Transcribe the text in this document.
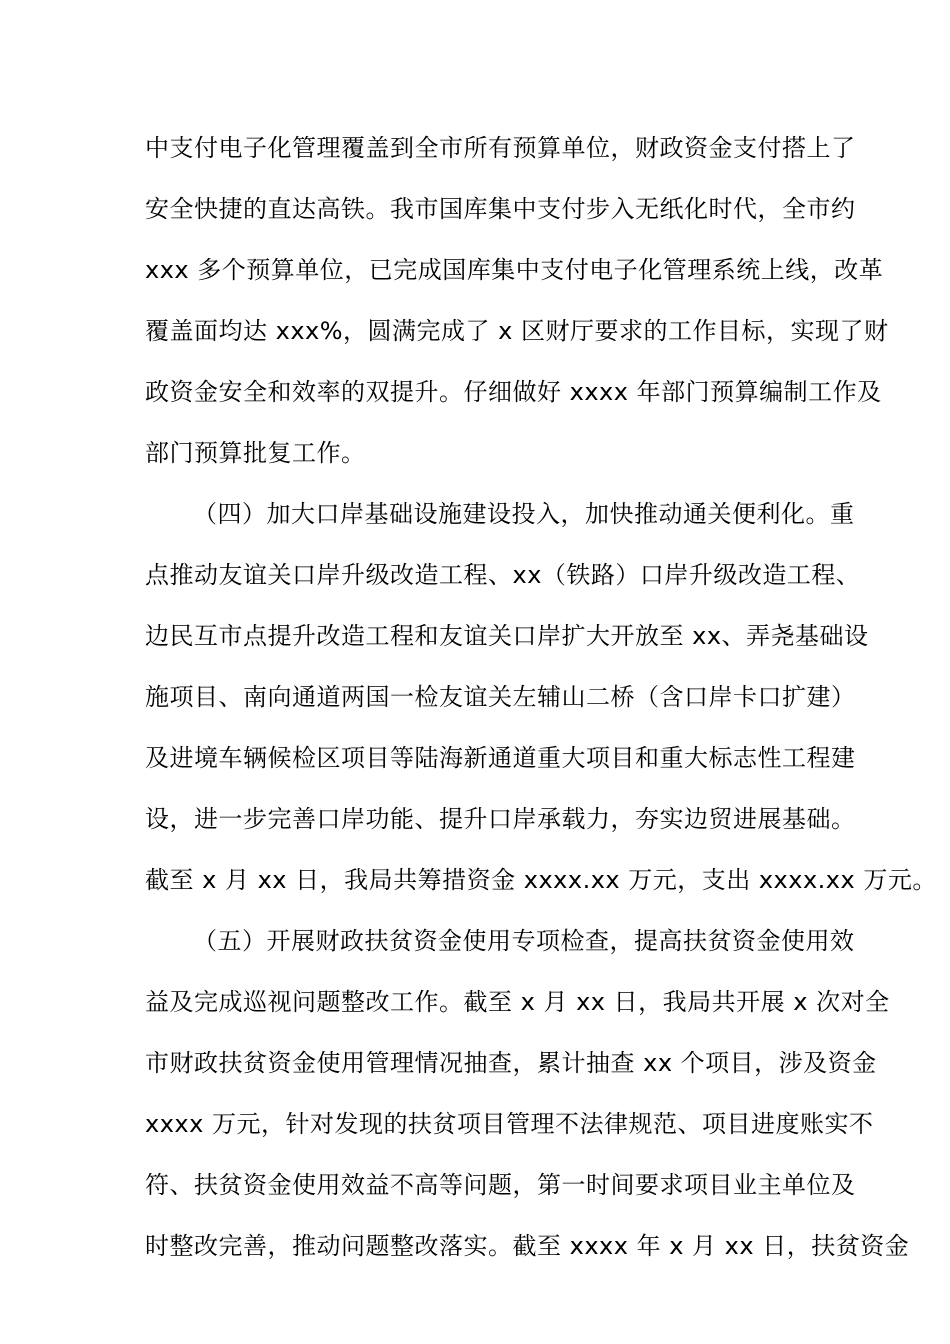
中支付电子化管理覆盖到全市所有预算单位，财政资金支付搭上了
安全快捷的直达高铁。我市国库集中支付步入无纸化时代，全市约
xxx 多个预算单位，已完成国库集中支付电子化管理系统上线，改革
覆盖面均达 xxx%，圆满完成了 x 区财厅要求的工作目标，实现了财
政资金安全和效率的双提升。仔细做好 xxxx 年部门预算编制工作及
部门预算批复工作。
（四）加大口岸基础设施建设投入，加快推动通关便利化。重
点推动友谊关口岸升级改造工程、xx（铁路）口岸升级改造工程、
边民互市点提升改造工程和友谊关口岸扩大开放至 xx、弄尧基础设
施项目、南向通道两国一检友谊关左辅山二桥（含口岸卡口扩建）
及进境车辆候检区项目等陆海新通道重大项目和重大标志性工程建
设，进一步完善口岸功能、提升口岸承载力，夯实边贸进展基础。
截至 x 月 xx 日，我局共筹措资金 xxxx.xx 万元，支出 xxxx.xx 万元。
（五）开展财政扶贫资金使用专项检查，提高扶贫资金使用效
益及完成巡视问题整改工作。截至 x 月 xx 日，我局共开展 x 次对全
市财政扶贫资金使用管理情况抽查，累计抽查 xx 个项目，涉及资金
xxxx 万元，针对发现的扶贫项目管理不法律规范、项目进度账实不
符、扶贫资金使用效益不高等问题，第一时间要求项目业主单位及
时整改完善，推动问题整改落实。截至 xxxx 年 x 月 xx 日，扶贫资金
